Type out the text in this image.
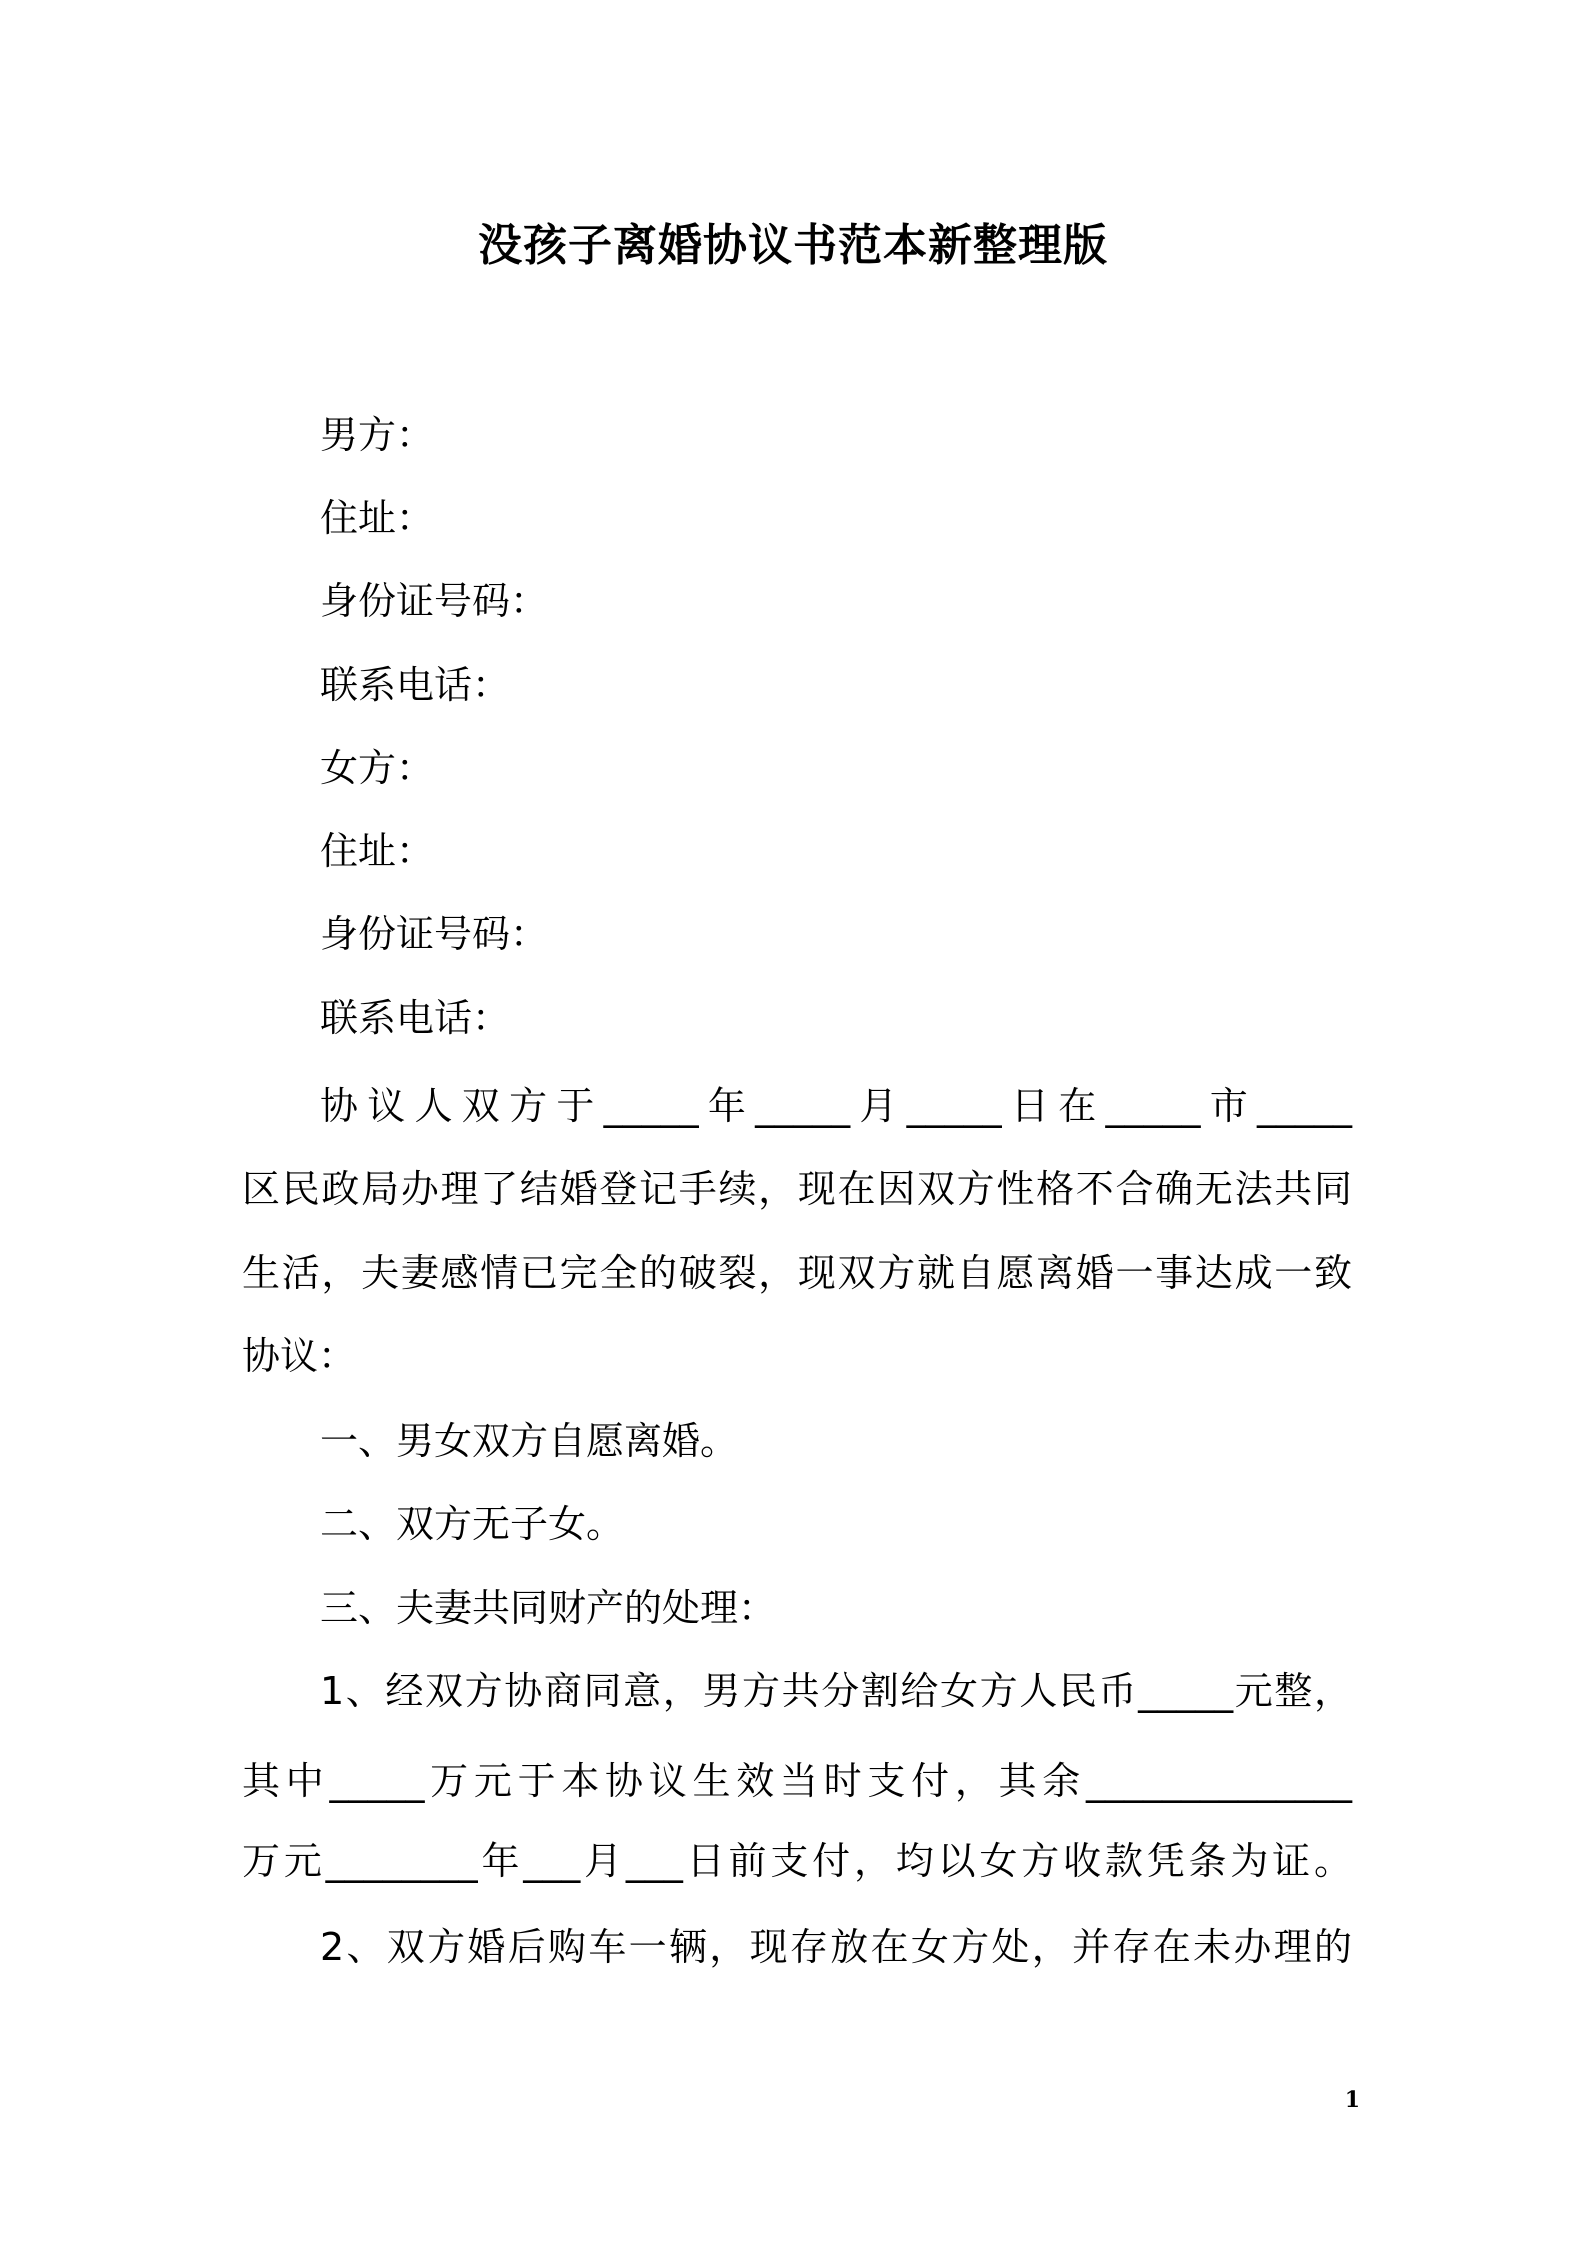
没孩子离婚协议书范本新整理版
男方：
住址：
身份证号码：
联系电话：
女方：
住址：
身份证号码：
联系电话：
协议人双方于_____年_____月_____日在_____市_____
区民政局办理了结婚登记手续，现在因双方性格不合确无法共同
生活，夫妻感情已完全的破裂，现双方就自愿离婚一事达成一致
协议：
一、男女双方自愿离婚。
二、双方无子女。
三、夫妻共同财产的处理：
1、经双方协商同意，男方共分割给女方人民币_____元整，
其中_____万元于本协议生效当时支付，其余______________
万元________年___月___日前支付，均以女方收款凭条为证。
2、双方婚后购车一辆，现存放在女方处，并存在未办理的
1
